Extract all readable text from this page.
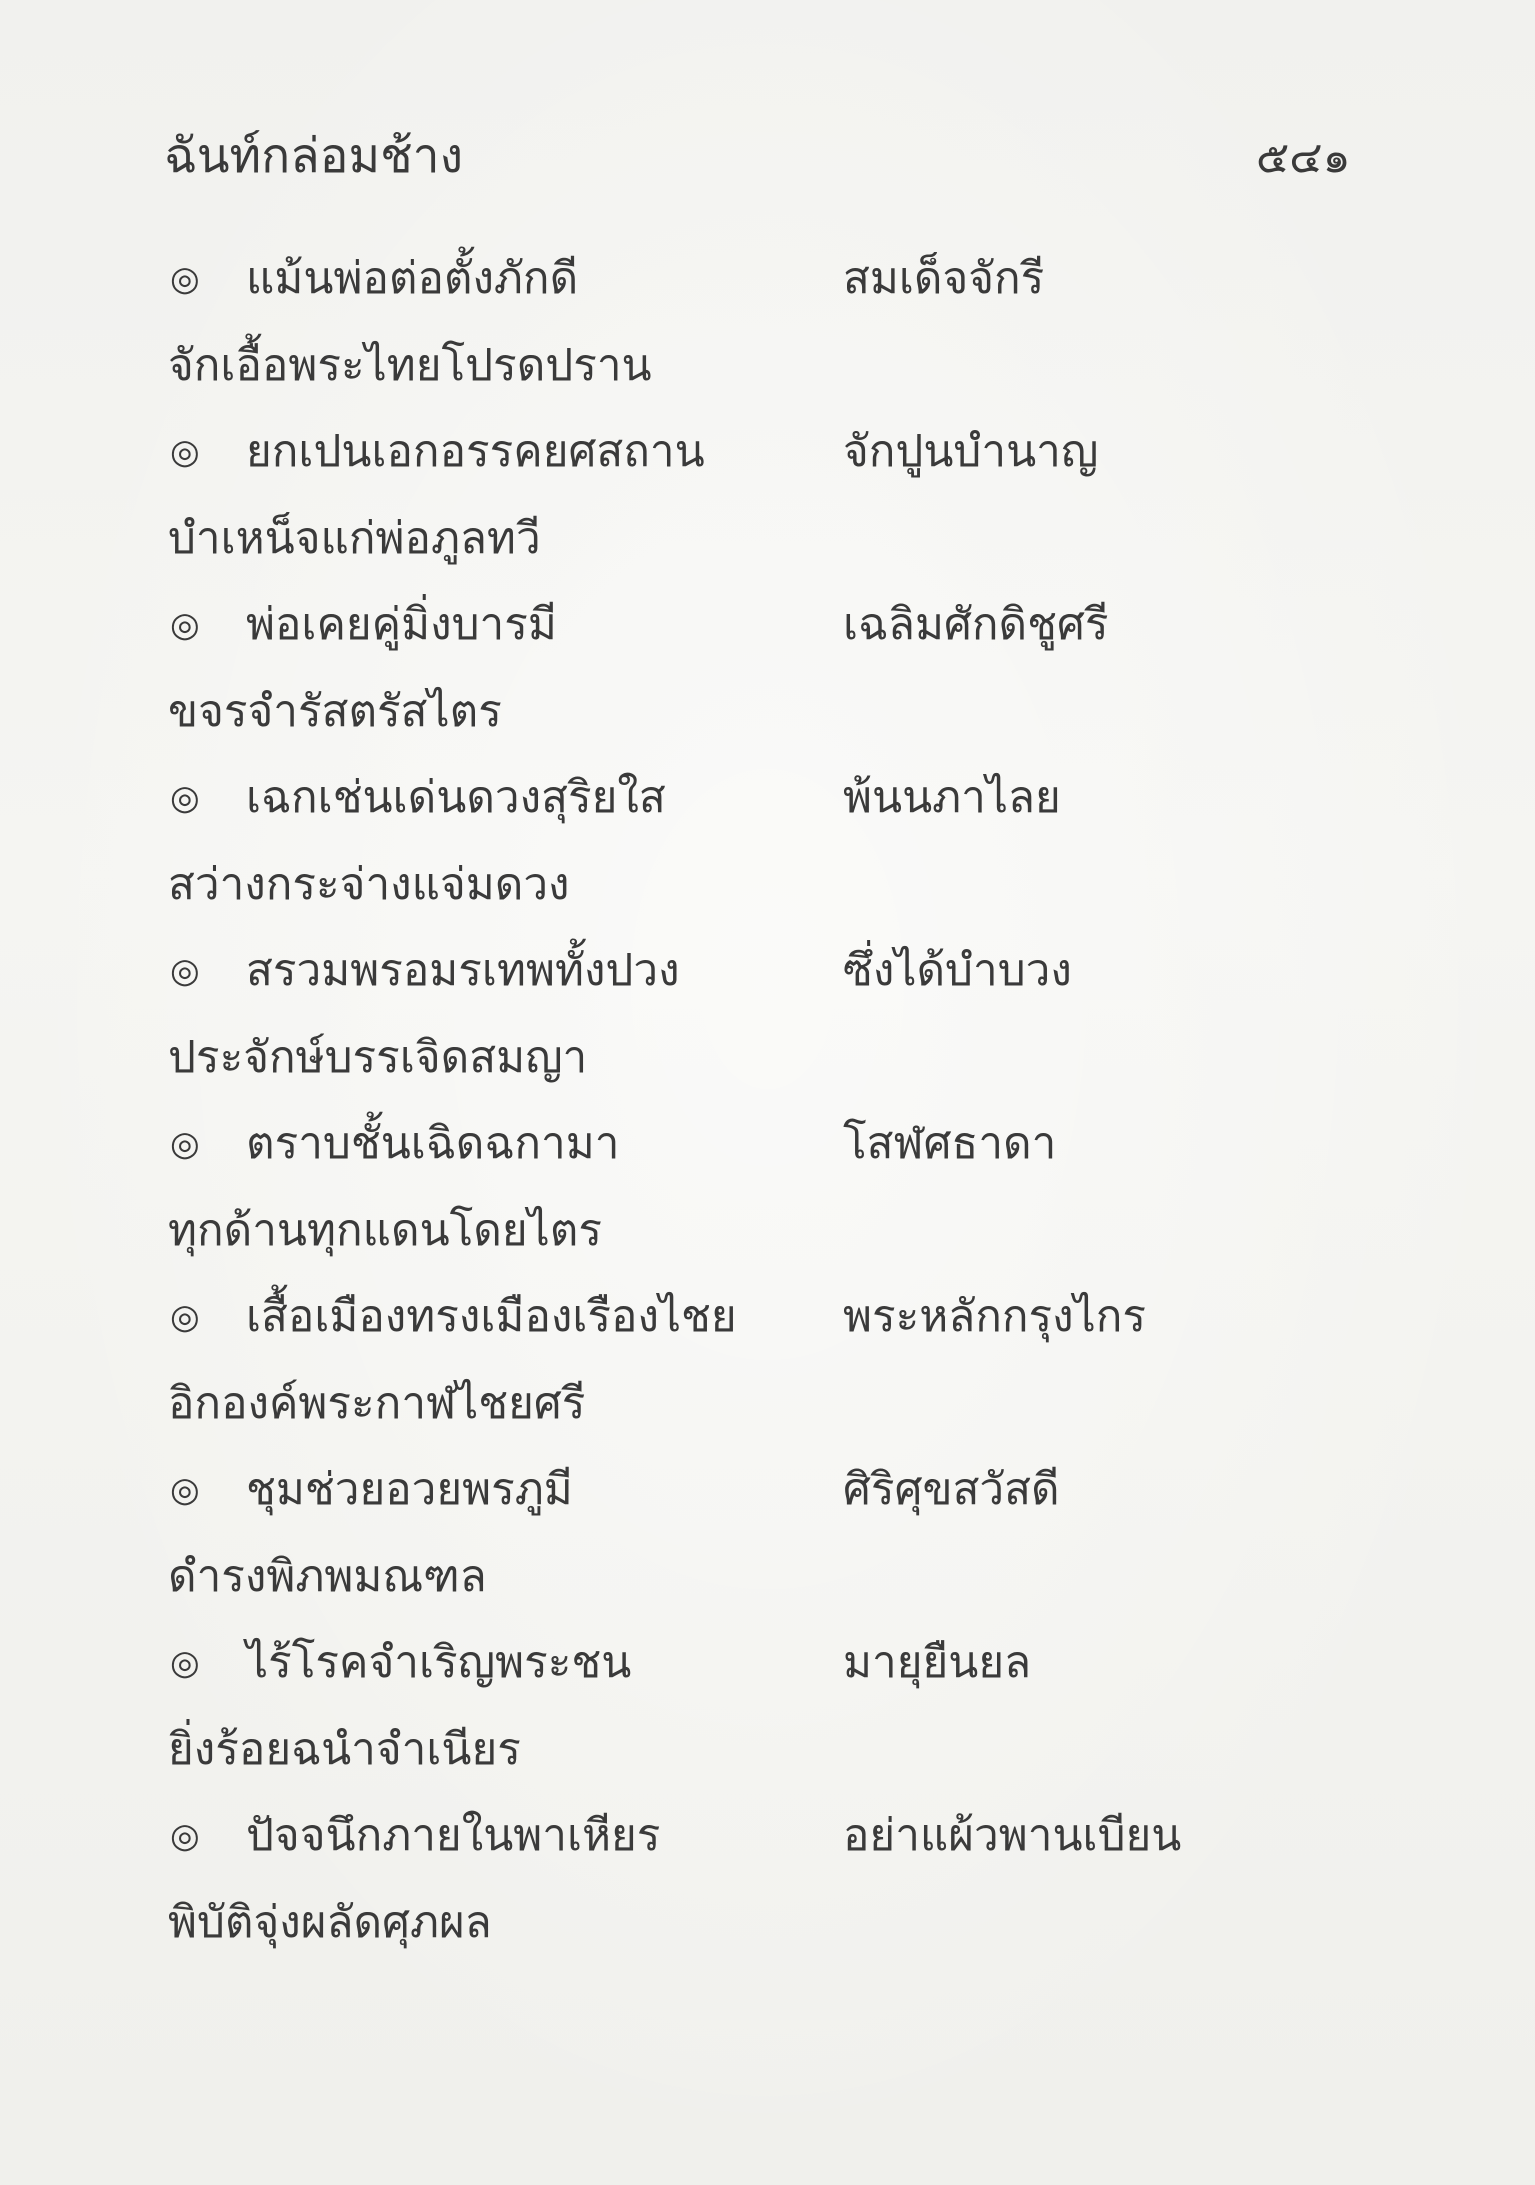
ฉันท์กล่อมช้าง	๕๔๑
◎ แม้นพ่อต่อตั้งภักดี	สมเด็จจักรี
จักเอื้อพระไทยโปรดปราน
◎ ยกเปนเอกอรรคยศสถาน	จักปูนบำนาญ
บำเหน็จแก่พ่อภูลทวี
◎ พ่อเคยคู่มิ่งบารมี	เฉลิมศักดิชูศรี
ขจรจำรัสตรัสไตร
◎ เฉกเช่นเด่นดวงสุริยใส	พ้นนภาไลย
สว่างกระจ่างแจ่มดวง
◎ สรวมพรอมรเทพทั้งปวง	ซึ่งได้บำบวง
ประจักษ์บรรเจิดสมญา
◎ ตราบชั้นเฉิดฉกามา	โสฬศธาดา
ทุกด้านทุกแดนโดยไตร
◎ เสื้อเมืองทรงเมืองเรืองไชย พระหลักกรุงไกร
อิกองค์พระกาฬไชยศรี
◎ ชุมช่วยอวยพรภูมี	ศิริศุขสวัสดี
ดำรงพิภพมณฑล
◎ ไร้โรคจำเริญพระชน	มายุยืนยล
ยิ่งร้อยฉนำจำเนียร
◎ ปัจจนึกภายในพาเหียร	อย่าแผ้วพานเบียน
พิบัติจุ่งผลัดศุภผล
